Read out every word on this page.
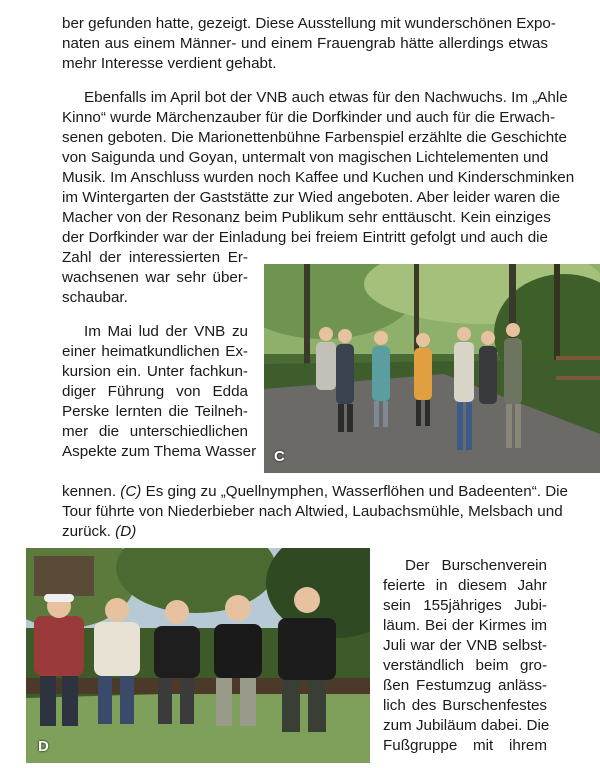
ber gefunden hatte, gezeigt. Diese Ausstellung mit wunderschönen Expo-
naten aus einem Männer- und einem Frauengrab hätte allerdings etwas
mehr Interesse verdient gehabt.
Ebenfalls im April bot der VNB auch etwas für den Nachwuchs. Im „Ahle
Kinno“ wurde Märchenzauber für die Dorfkinder und auch für die Erwach-
senen geboten. Die Marionettenbühne Farbenspiel erzählte die Geschichte
von Saigunda und Goyan, untermalt von magischen Lichtelementen und
Musik. Im Anschluss wurden noch Kaffee und Kuchen und Kinderschminken
im Wintergarten der Gaststätte zur Wied angeboten. Aber leider waren die
Macher von der Resonanz beim Publikum sehr enttäuscht. Kein einziges
der Dorfkinder war der Einladung bei freiem Eintritt gefolgt und auch die
Zahl der interessierten Er-
wachsenen war sehr über-
schaubar.
Im Mai lud der VNB zu
einer heimatkundlichen Ex-
kursion ein. Unter fachkun-
diger Führung von Edda
Perske lernten die Teilneh-
mer die unterschiedlichen
Aspekte zum Thema Wasser
kennen. (C) Es ging zu „Quellnymphen, Wasserflöhen und Badeenten“. Die
Tour führte von Niederbieber nach Altwied, Laubachsmühle, Melsbach und
zurück. (D)
Der Burschenverein
feierte in diesem Jahr
sein 155jähriges Jubi-
läum. Bei der Kirmes im
Juli war der VNB selbst-
verständlich beim gro-
ßen Festumzug anläss-
lich des Burschenfestes
zum Jubiläum dabei. Die
Fußgruppe mit ihrem
C
D
